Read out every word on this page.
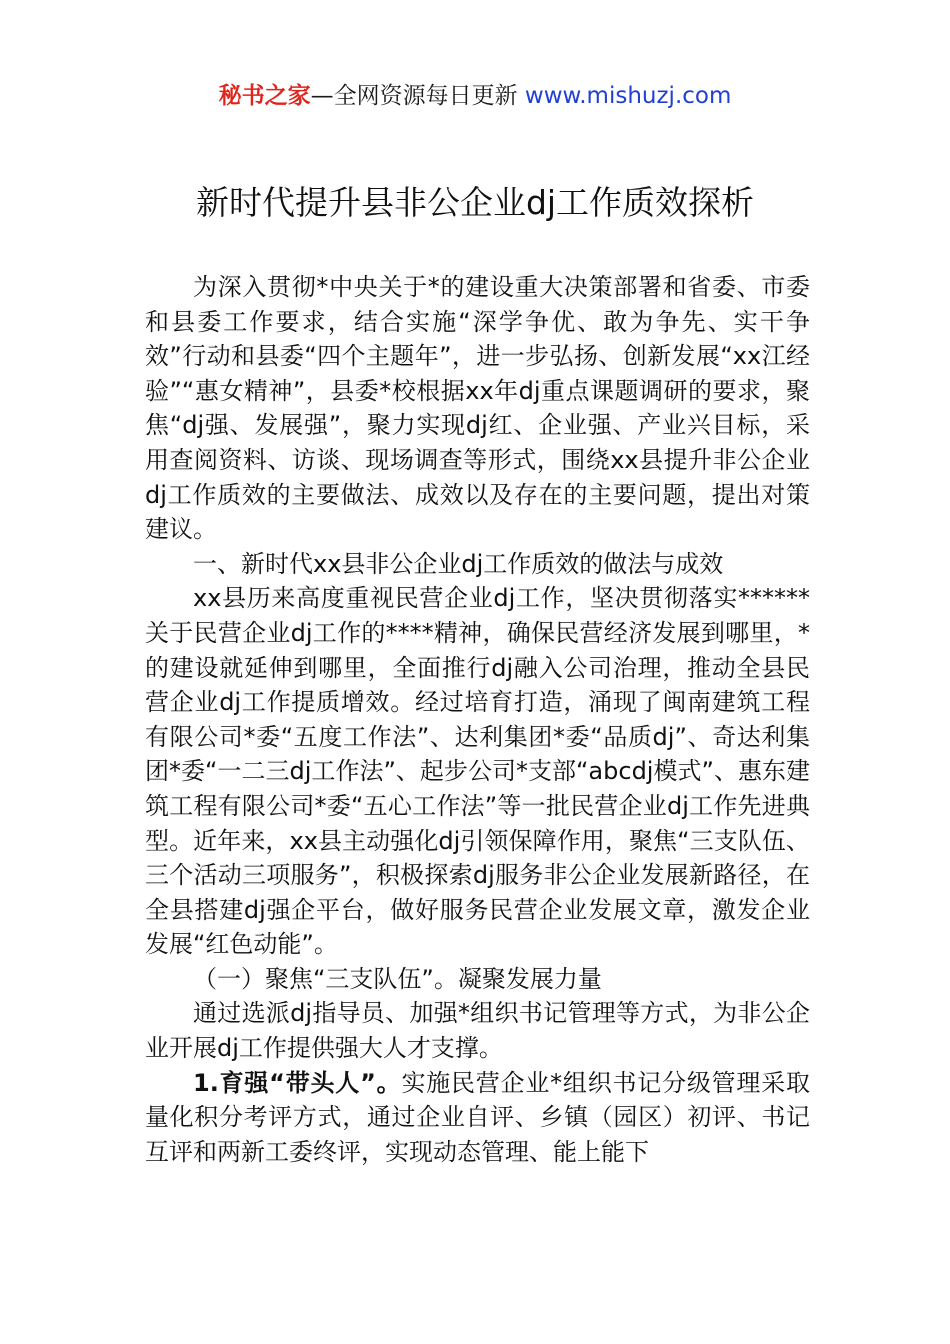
秘书之家—全网资源每日更新 www.mishuzj.com
新时代提升县非公企业dj工作质效探析

为深入贯彻*中央关于*的建设重大决策部署和省委、市委和县委工作要求，结合实施“深学争优、敢为争先、实干争效”行动和县委“四个主题年”，进一步弘扬、创新发展“xx江经验”“惠女精神”，县委*校根据xx年dj重点课题调研的要求，聚焦“dj强、发展强”，聚力实现dj红、企业强、产业兴目标，采用查阅资料、访谈、现场调查等形式，围绕xx县提升非公企业dj工作质效的主要做法、成效以及存在的主要问题，提出对策建议。

一、新时代xx县非公企业dj工作质效的做法与成效

xx县历来高度重视民营企业dj工作，坚决贯彻落实******关于民营企业dj工作的****精神，确保民营经济发展到哪里，*的建设就延伸到哪里，全面推行dj融入公司治理，推动全县民营企业dj工作提质增效。经过培育打造，涌现了闽南建筑工程有限公司*委“五度工作法”、达利集团*委“品质dj”、奇达利集团*委“一二三dj工作法”、起步公司*支部“abcdj模式”、惠东建筑工程有限公司*委“五心工作法”等一批民营企业dj工作先进典型。近年来，xx县主动强化dj引领保障作用，聚焦“三支队伍、三个活动三项服务”，积极探索dj服务非公企业发展新路径，在全县搭建dj强企平台，做好服务民营企业发展文章，激发企业发展“红色动能”。

（一）聚焦“三支队伍”。凝聚发展力量

通过选派dj指导员、加强*组织书记管理等方式，为非公企业开展dj工作提供强大人才支撑。

1.育强“带头人”。实施民营企业*组织书记分级管理采取量化积分考评方式，通过企业自评、乡镇（园区）初评、书记互评和两新工委终评，实现动态管理、能上能下
